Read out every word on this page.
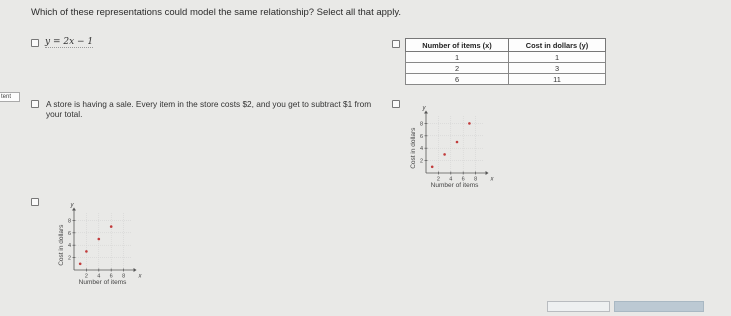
Which of these representations could model the same relationship? Select all that apply.
y = 2x − 1	Number of items (x)	Cost in dollars (y)
1	1
2	3
6	11
tent
A store is having a sale. Every item in the store costs $2, and you get to subtract $1 from your total.
2 4 6 8
2
4
6
8
x
y
Number of items
Cost in dollars
2 4 6 8
2
4
6
8
x
y
Number of items
Cost in dollars
